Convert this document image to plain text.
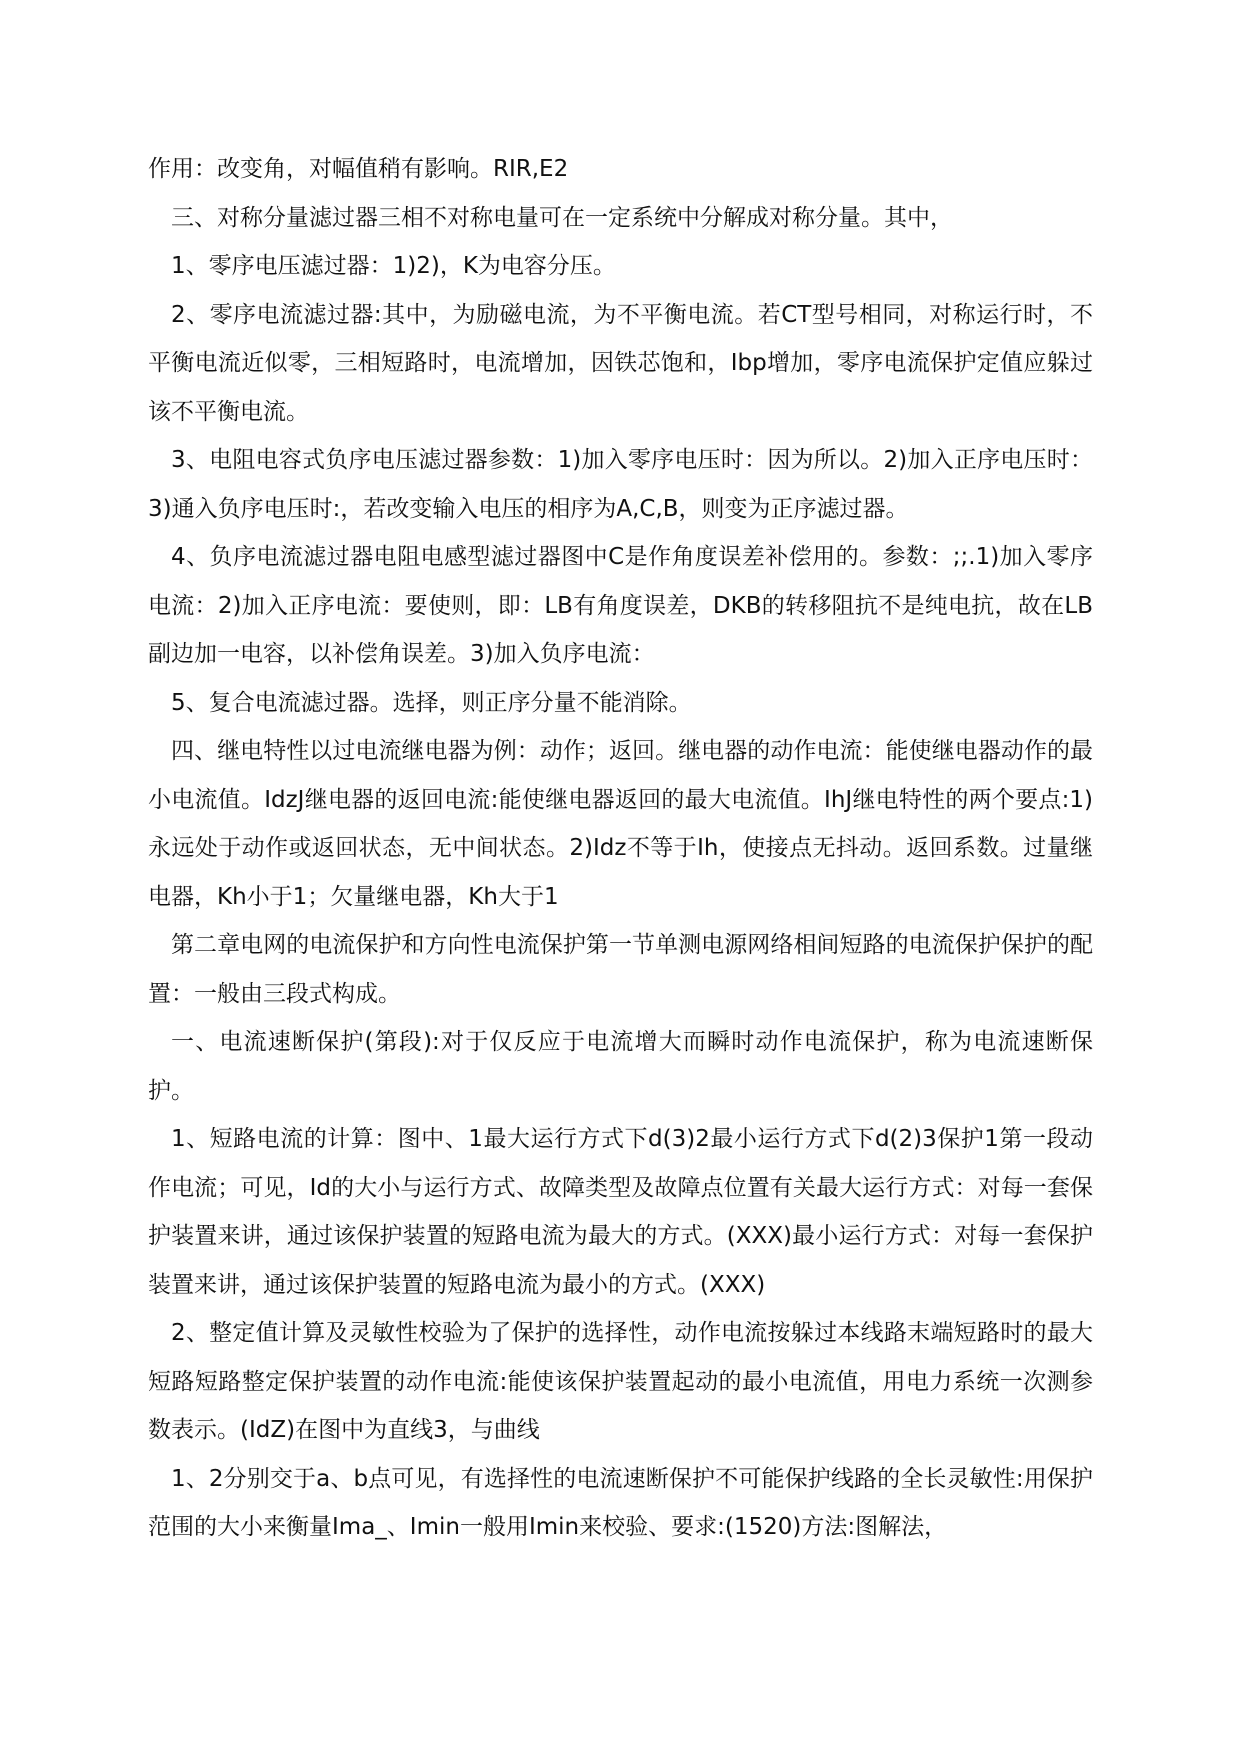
作用：改变角，对幅值稍有影响。RIR,E2

三、对称分量滤过器三相不对称电量可在一定系统中分解成对称分量。其中，

1、零序电压滤过器：1)2)，K为电容分压。

2、零序电流滤过器:其中，为励磁电流，为不平衡电流。若CT型号相同，对称运行时，不平衡电流近似零，三相短路时，电流增加，因铁芯饱和，Ibp增加，零序电流保护定值应躲过该不平衡电流。

3、电阻电容式负序电压滤过器参数：1)加入零序电压时：因为所以。2)加入正序电压时：3)通入负序电压时:，若改变输入电压的相序为A,C,B，则变为正序滤过器。

4、负序电流滤过器电阻电感型滤过器图中C是作角度误差补偿用的。参数：;;.1)加入零序电流：2)加入正序电流：要使则，即：LB有角度误差，DKB的转移阻抗不是纯电抗，故在LB副边加一电容，以补偿角误差。3)加入负序电流：

5、复合电流滤过器。选择，则正序分量不能消除。

四、继电特性以过电流继电器为例：动作；返回。继电器的动作电流：能使继电器动作的最小电流值。IdzJ继电器的返回电流:能使继电器返回的最大电流值。IhJ继电特性的两个要点:1)永远处于动作或返回状态，无中间状态。2)Idz不等于Ih，使接点无抖动。返回系数。过量继电器，Kh小于1；欠量继电器，Kh大于1

第二章电网的电流保护和方向性电流保护第一节单测电源网络相间短路的电流保护保护的配置：一般由三段式构成。

一、电流速断保护(第段):对于仅反应于电流增大而瞬时动作电流保护，称为电流速断保护。

1、短路电流的计算：图中、1最大运行方式下d(3)2最小运行方式下d(2)3保护1第一段动作电流；可见，Id的大小与运行方式、故障类型及故障点位置有关最大运行方式：对每一套保护装置来讲，通过该保护装置的短路电流为最大的方式。(XXX)最小运行方式：对每一套保护装置来讲，通过该保护装置的短路电流为最小的方式。(XXX)

2、整定值计算及灵敏性校验为了保护的选择性，动作电流按躲过本线路末端短路时的最大短路短路整定保护装置的动作电流:能使该保护装置起动的最小电流值，用电力系统一次测参数表示。(IdZ)在图中为直线3，与曲线

1、2分别交于a、b点可见，有选择性的电流速断保护不可能保护线路的全长灵敏性:用保护范围的大小来衡量Ima_、Imin一般用Imin来校验、要求:(1520)方法:图解法，
